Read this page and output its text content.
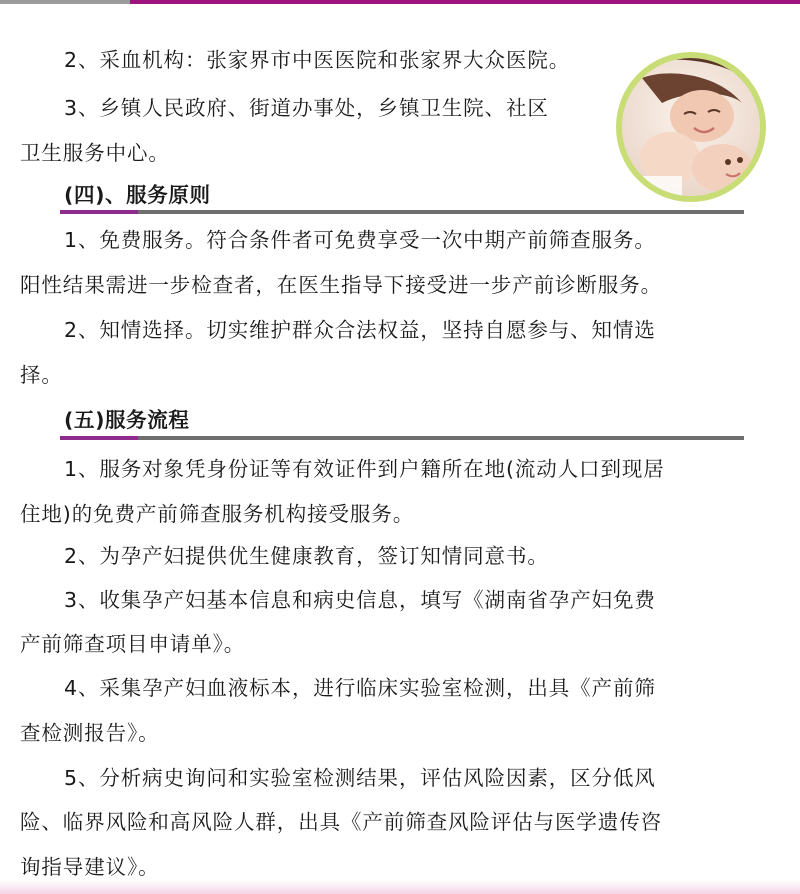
2、采血机构：张家界市中医医院和张家界大众医院。
3、乡镇人民政府、街道办事处，乡镇卫生院、社区
卫生服务中心。
(四)、服务原则
1、免费服务。符合条件者可免费享受一次中期产前筛查服务。
阳性结果需进一步检查者，在医生指导下接受进一步产前诊断服务。
2、知情选择。切实维护群众合法权益，坚持自愿参与、知情选
择。
(五)服务流程
1、服务对象凭身份证等有效证件到户籍所在地(流动人口到现居
住地)的免费产前筛查服务机构接受服务。
2、为孕产妇提供优生健康教育，签订知情同意书。
3、收集孕产妇基本信息和病史信息，填写《湖南省孕产妇免费
产前筛查项目申请单》。
4、采集孕产妇血液标本，进行临床实验室检测，出具《产前筛
查检测报告》。
5、分析病史询问和实验室检测结果，评估风险因素，区分低风
险、临界风险和高风险人群，出具《产前筛查风险评估与医学遗传咨
询指导建议》。
